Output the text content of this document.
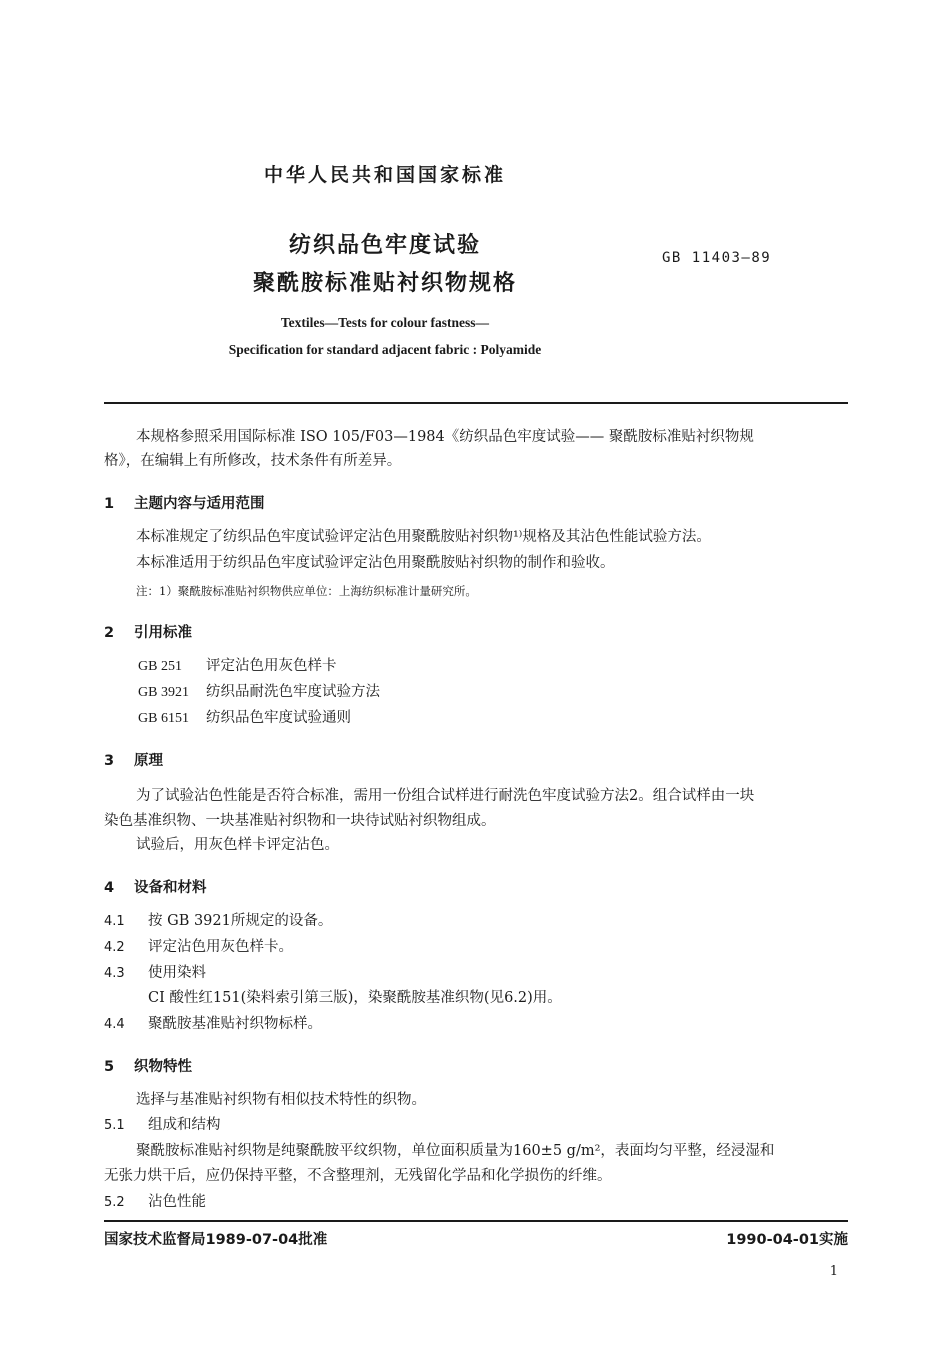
中华人民共和国国家标准
纺织品色牢度试验
聚酰胺标准贴衬织物规格
GB 11403—89
Textiles—Tests for colour fastness—
Specification for standard adjacent fabric : Polyamide
本规格参照采用国际标准 ISO 105/F03—1984《纺织品色牢度试验—— 聚酰胺标准贴衬织物规
格》，在编辑上有所修改，技术条件有所差异。
1 主题内容与适用范围
本标准规定了纺织品色牢度试验评定沾色用聚酰胺贴衬织物¹⁾规格及其沾色性能试验方法。
本标准适用于纺织品色牢度试验评定沾色用聚酰胺贴衬织物的制作和验收。
注：1）聚酰胺标准贴衬织物供应单位：上海纺织标准计量研究所。
2 引用标准
GB 251 评定沾色用灰色样卡
GB 3921 纺织品耐洗色牢度试验方法
GB 6151 纺织品色牢度试验通则
3 原理
为了试验沾色性能是否符合标准，需用一份组合试样进行耐洗色牢度试验方法2。组合试样由一块
染色基准织物、一块基准贴衬织物和一块待试贴衬织物组成。
试验后，用灰色样卡评定沾色。
4 设备和材料
4.1 按 GB 3921所规定的设备。
4.2 评定沾色用灰色样卡。
4.3 使用染料
CI 酸性红151(染料索引第三版)，染聚酰胺基准织物(见6.2)用。
4.4 聚酰胺基准贴衬织物标样。
5 织物特性
选择与基准贴衬织物有相似技术特性的织物。
5.1 组成和结构
聚酰胺标准贴衬织物是纯聚酰胺平纹织物，单位面积质量为160±5 g/m²，表面均匀平整，经浸湿和
无张力烘干后，应仍保持平整，不含整理剂，无残留化学品和化学损伤的纤维。
5.2 沾色性能
国家技术监督局1989-07-04批准	1990-04-01实施
1
